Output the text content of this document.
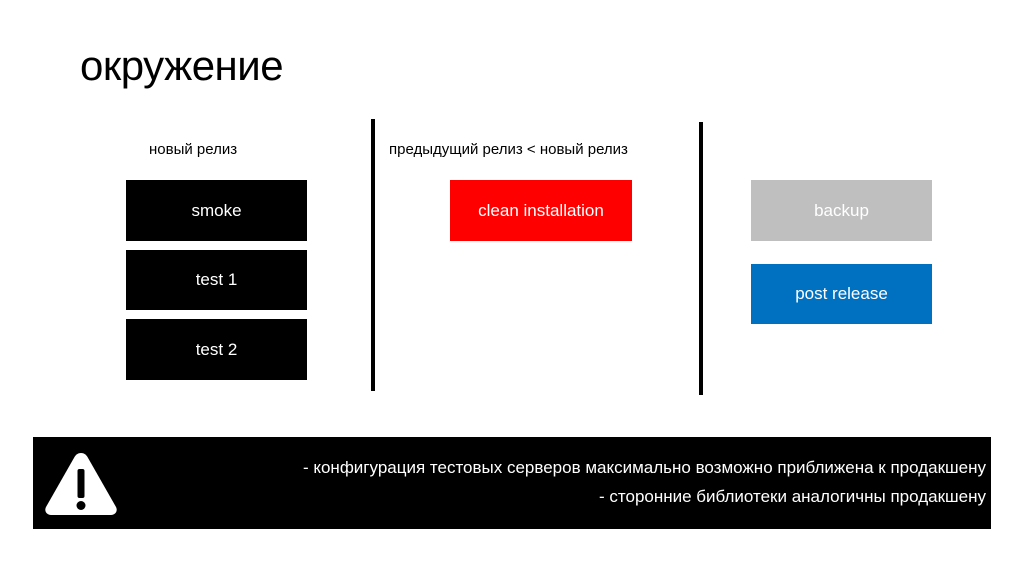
окружение
новый релиз
smoke
test 1
test 2
предыдущий релиз < новый релиз
clean installation	backup
post release
- конфигурация тестовых серверов максимально возможно приближена к продакшену
- сторонние библиотеки аналогичны продакшену
